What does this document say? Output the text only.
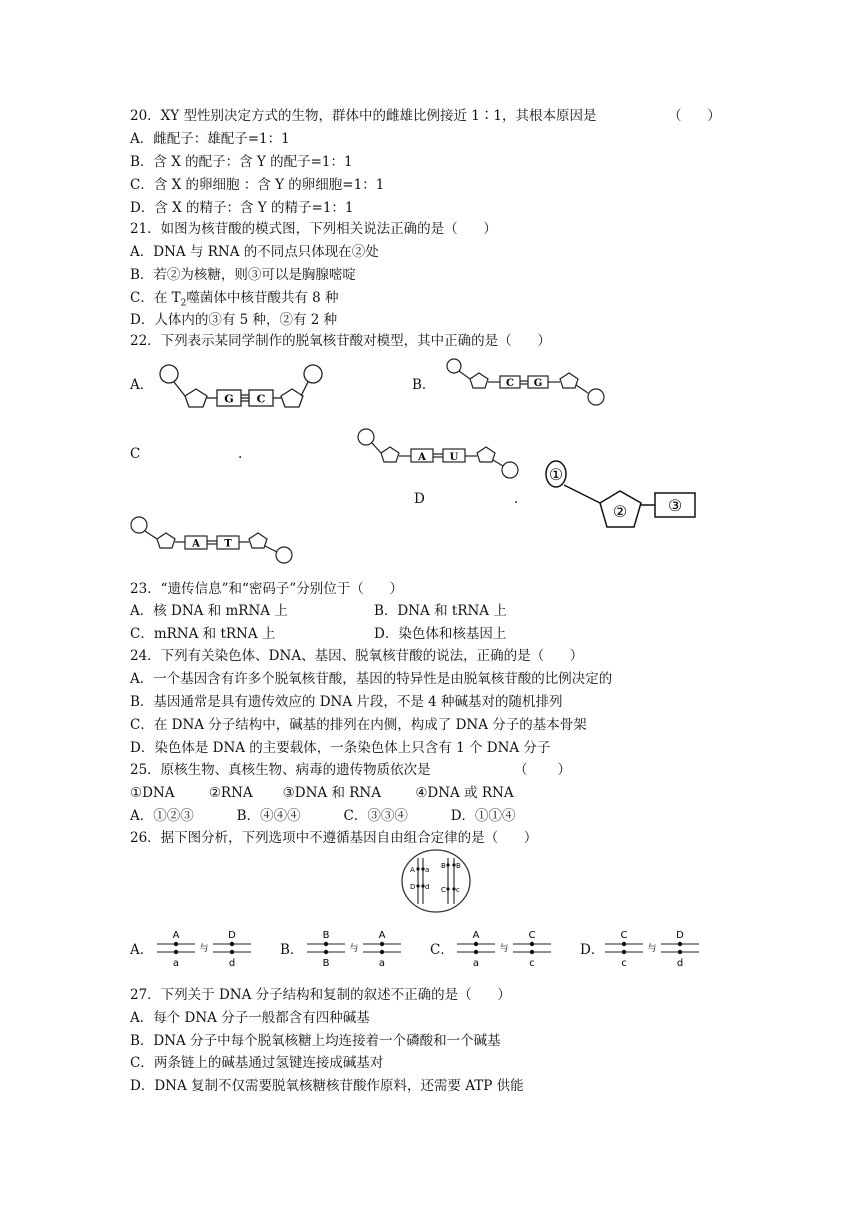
20．XY 型性别决定方式的生物，群体中的雌雄比例接近 1∶1，其根本原因是	（      ）
A．雌配子：雄配子=1：1
B．含 X 的配子：含 Y 的配子=1：1
C．含 X 的卵细胞 ：含 Y 的卵细胞=1：1
D．含 X 的精子：含 Y 的精子=1：1
21．如图为核苷酸的模式图，下列相关说法正确的是（      ）
A．DNA 与 RNA 的不同点只体现在②处
B．若②为核糖，则③可以是胸腺嘧啶
C．在 $T_2$噬菌体中核苷酸共有 8 种
D．人体内的③有 5 种，②有 2 种
22．下列表示某同学制作的脱氧核苷酸对模型，其中正确的是（      ）
A．	B．
C	.
D	.
G C
C G
A U
A T
①
②	③
23．“遗传信息”和“密码子”分别位于（      ）
A．核 DNA 和 mRNA 上	B．DNA 和 tRNA 上
C．mRNA 和 tRNA 上	D．染色体和核基因上
24．下列有关染色体、DNA、基因、脱氧核苷酸的说法，正确的是（      ）
A．一个基因含有许多个脱氧核苷酸，基因的特异性是由脱氧核苷酸的比例决定的
B．基因通常是具有遗传效应的 DNA 片段，不是 4 种碱基对的随机排列
C．在 DNA 分子结构中，碱基的排列在内侧，构成了 DNA 分子的基本骨架
D．染色体是 DNA 的主要载体，一条染色体上只含有 1 个 DNA 分子
25．原核生物、真核生物、病毒的遗传物质依次是	（       ）
①DNA        ②RNA       ③DNA 和 RNA        ④DNA 或 RNA
A．①②③          B．④④④          C．③③④          D．①①④
26．据下图分析，下列选项中不遵循基因自由组合定律的是（      ）
A a
D d
B B
C c
A．	B．	C．	D．
A
a
与
D
d
B
B
与
A
a
A
a
与
C
c
C
c
与
D
d
27．下列关于 DNA 分子结构和复制的叙述不正确的是（      ）
A．每个 DNA 分子一般都含有四种碱基
B．DNA 分子中每个脱氧核糖上均连接着一个磷酸和一个碱基
C．两条链上的碱基通过氢键连接成碱基对
D．DNA 复制不仅需要脱氧核糖核苷酸作原料，还需要 ATP 供能
